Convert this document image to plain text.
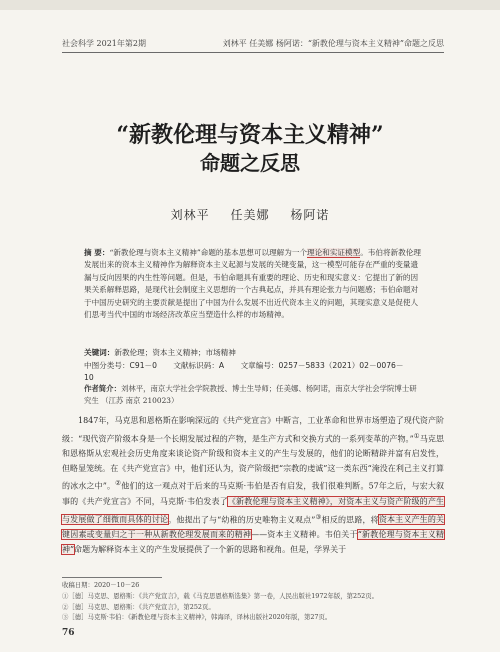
社会科学 2021年第2期	刘林平 任美娜 杨阿诺：“新教伦理与资本主义精神”命题之反思
“新教伦理与资本主义精神”
命题之反思
刘林平 任美娜 杨阿诺
摘 要：“新教伦理与资本主义精神”命题的基本思想可以理解为一个理论和实证模型。韦伯将新教伦理发展出来的资本主义精神作为解释资本主义起源与发展的关键变量，这一模型可能存在严重的变量遗漏与反向因果的内生性等问题。但是，韦伯命题具有重要的理论、历史和现实意义：它提出了新的因果关系解释思路，是现代社会制度主义思想的一个古典起点，并具有理论张力与问题感；韦伯命题对于中国历史研究的主要贡献是提出了中国为什么发展不出近代资本主义的问题，其现实意义是促使人们思考当代中国的市场经济改革应当塑造什么样的市场精神。
关键词：新教伦理；资本主义精神；市场精神
中图分类号：C91－0 文献标识码：A 文章编号：0257－5833（2021）02－0076－10
作者简介：刘林平，南京大学社会学院教授、博士生导师；任美娜、杨阿诺，南京大学社会学院博士研究生 （江苏 南京 210023）

1847年，马克思和恩格斯在影响深远的《共产党宣言》中断言，工业革命和世界市场塑造了现代资产阶级：“现代资产阶级本身是一个长期发展过程的产物，是生产方式和交换方式的一系列变革的产物。”①马克思和恩格斯从宏观社会历史角度来谈论资产阶级和资本主义的产生与发展的，他们的论断精辟并富有启发性，但略显笼统。在《共产党宣言》中，他们还认为，资产阶级把“宗教的虔诚”这一类东西“淹没在利己主义打算的冰水之中”。②他们的这一观点对于后来的马克斯·韦伯是否有启发，我们很难判断。57年之后，与宏大叙事的《共产党宣言》不同，马克斯·韦伯发表了《新教伦理与资本主义精神》，对资本主义与资产阶级的产生与发展做了细微而具体的讨论。他提出了与“幼稚的历史唯物主义观点”③相反的思路，将资本主义产生的关键因素或变量归之于一种从新教伦理发展而来的精神——资本主义精神。韦伯关于“新教伦理与资本主义精神”命题为解释资本主义的产生发展提供了一个新的思路和视角。但是，学界关于

收稿日期：2020－10－26
①［德］马克思、恩格斯：《共产党宣言》，载《马克思恩格斯选集》第一卷，人民出版社1972年版，第252页。
②［德］马克思、恩格斯：《共产党宣言》，第252页。
③［德］马克斯·韦伯：《新教伦理与资本主义精神》，韩海译，译林出版社2020年版，第27页。
76
